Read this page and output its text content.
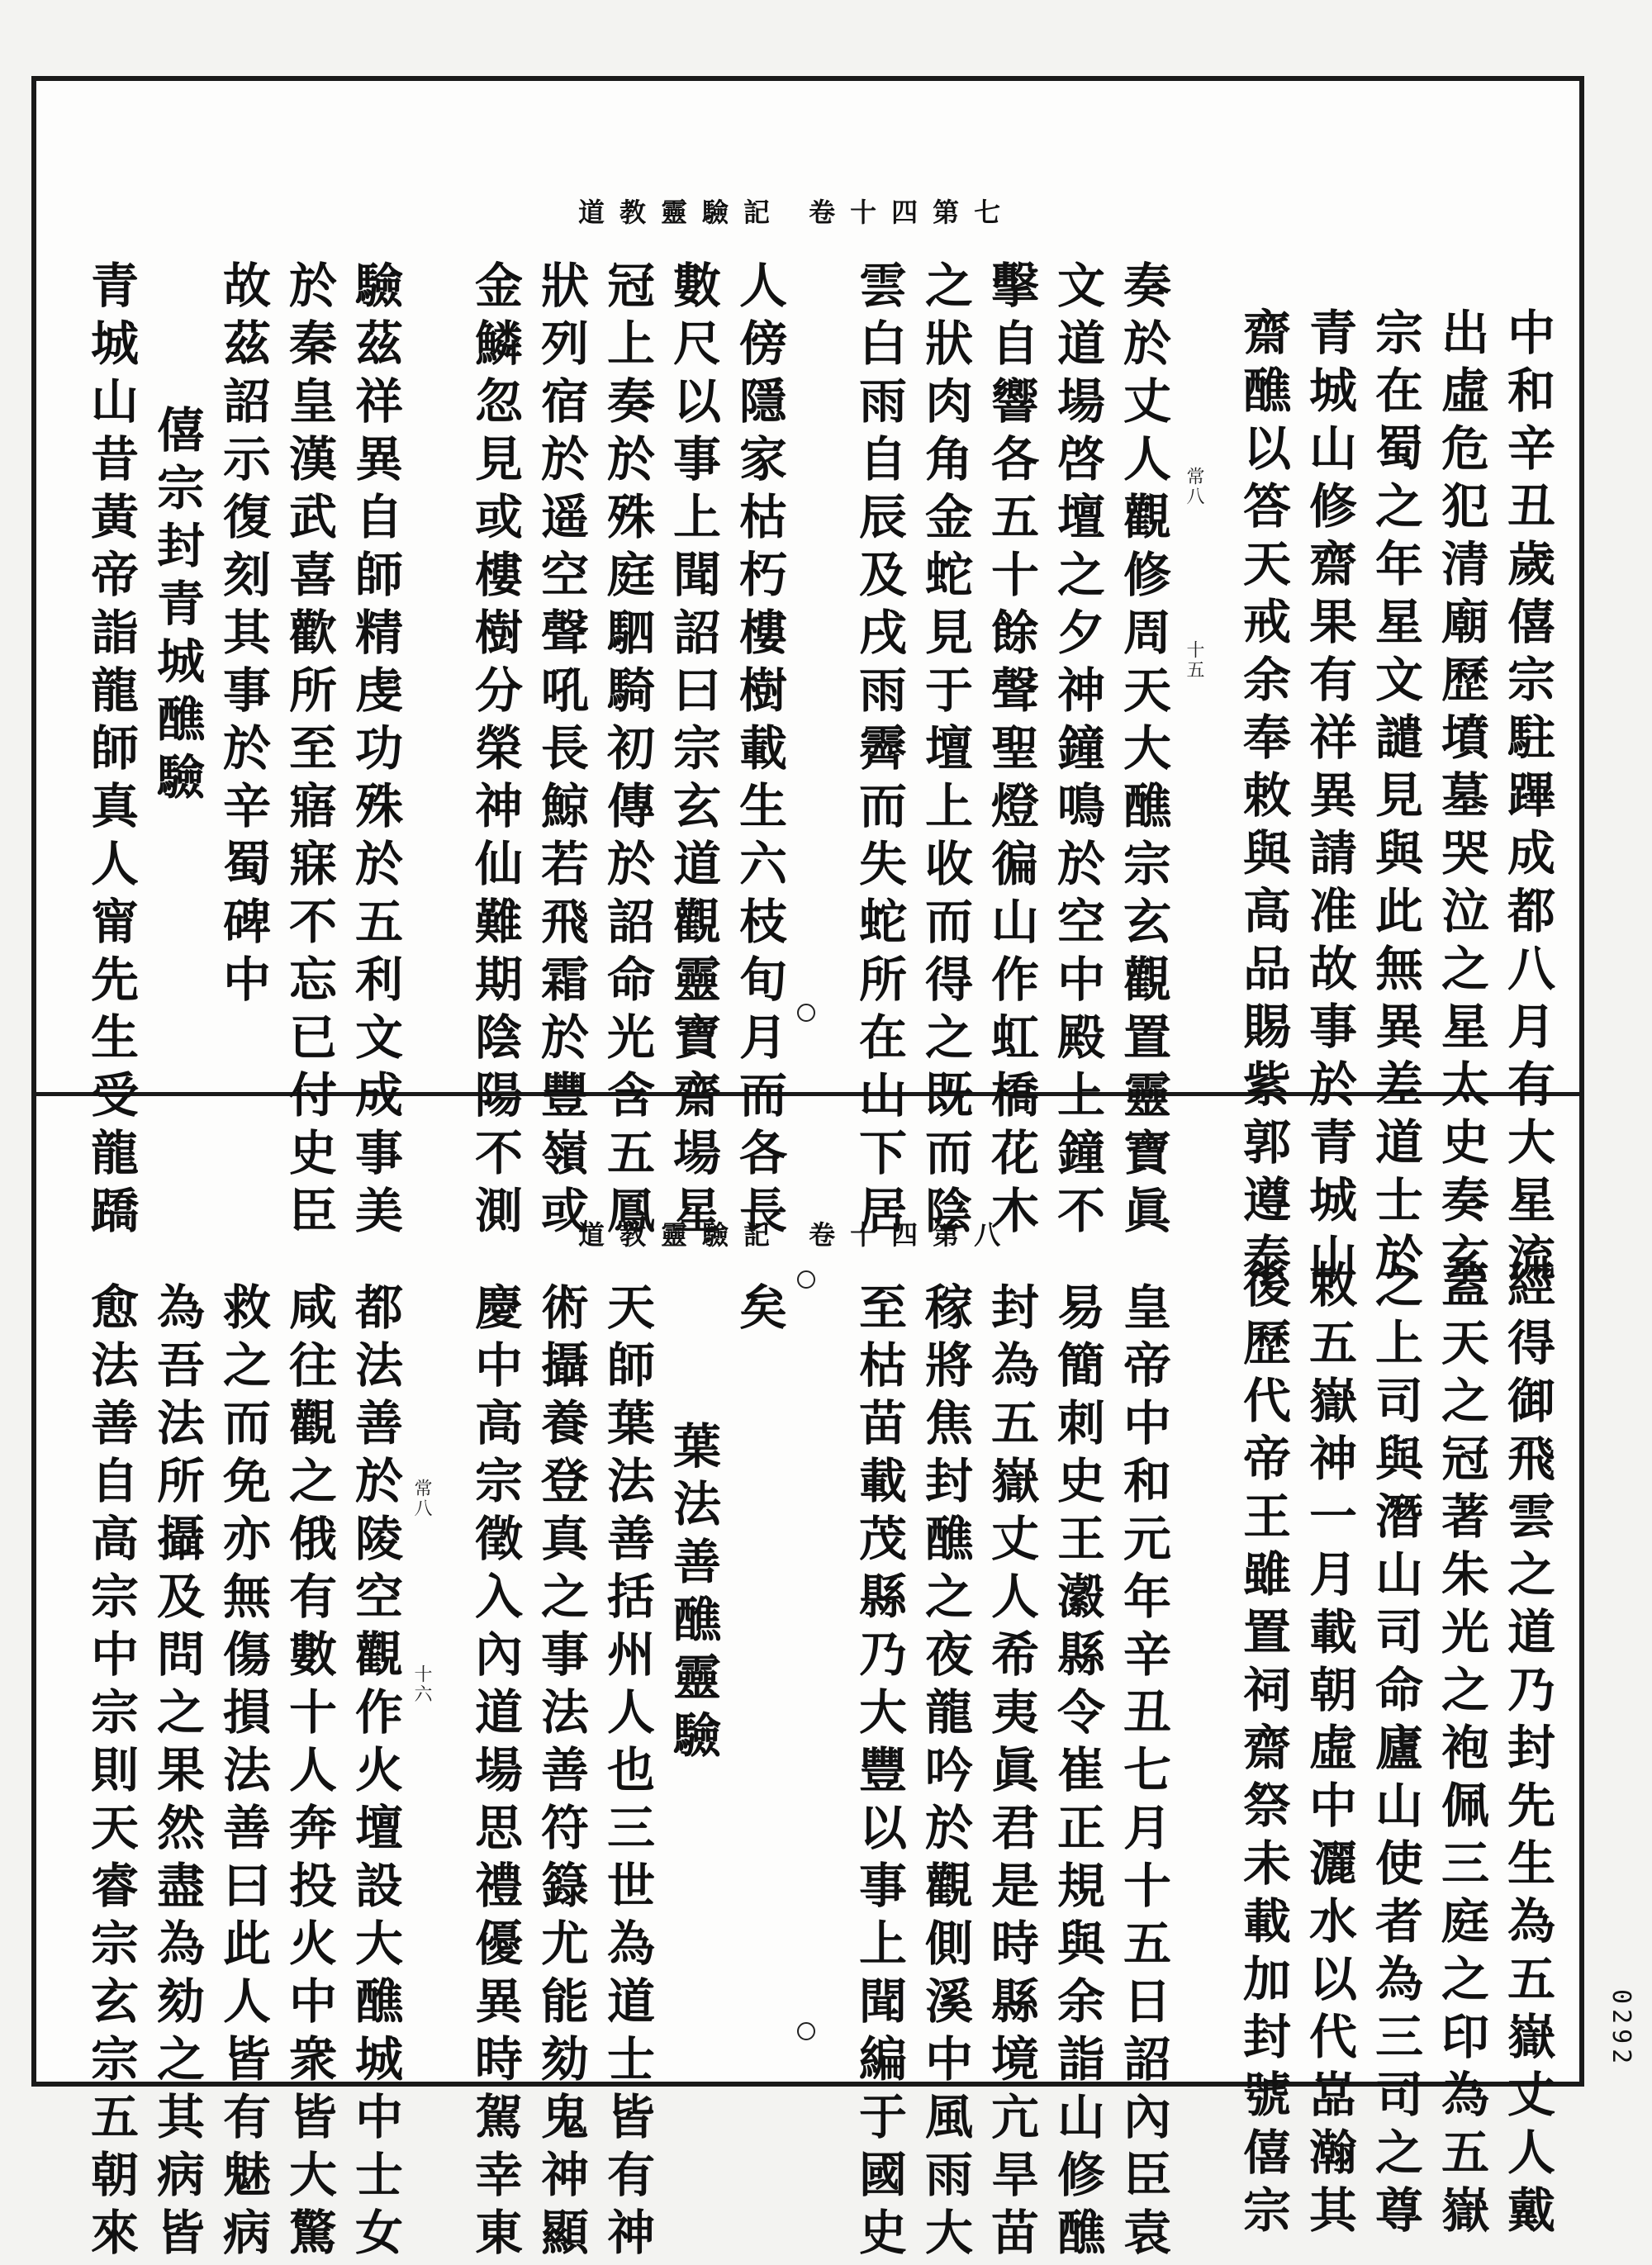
道教靈驗記 卷十四第七
中和辛丑歲僖宗駐蹕成都八月有大星流
出虛危犯清廟歷墳墓哭泣之星太史奏玄
宗在蜀之年星文譴見與此無異差道士於
青城山修齋果有祥異請准故事於青城山
齋醮以答天戒余奉敕與高品賜紫郭遵泰
奏於丈人觀修周天大醮宗玄觀置靈寶眞
文道場啓壇之夕神鐘鳴於空中殿上鐘不
擊自響各五十餘聲聖燈徧山作虹橋花木
之狀肉角金蛇見于壇上收而得之既而陰
雲白雨自辰及戌雨霽而失蛇所在山下居
人傍隱家枯朽樓樹載生六枝旬月而各長
數尺以事上聞詔曰宗玄道觀靈寶齋場星
冠上奏於殊庭駟騎初傳於詔命光含五鳳
狀列宿於遥空聲吼長鯨若飛霜於豐嶺或
金鱗忽見或樓樹分榮神仙難期陰陽不測
驗茲祥異自師精虔功殊於五利文成事美
於秦皇漢武喜歡所至寤寐不忘已付史臣
故茲詔示復刻其事於辛蜀碑中
僖宗封青城醮驗
青城山昔黃帝詣龍師真人甯先生受龍蹻	常八
十五
道教靈驗記 卷十四第八
經得御飛雲之道乃封先生為五嶽丈人戴
蓋天之冠著朱光之袍佩三庭之印為五嶽
之上司與潛山司命廬山使者為三司之尊
敕五嶽神一月載朝虛中灑水以代嵓瀚其
後歷代帝王雖置祠齋祭未載加封號僖宗
皇帝中和元年辛丑七月十五日詔內臣袁
易簡刺史王瀫縣令崔正規與余詣山修醮
封為五嶽丈人希夷眞君是時縣境亢旱苗
稼將焦封醮之夜龍吟於觀側溪中風雨大
至枯苗載茂縣乃大豐以事上聞編于國史
矣
葉法善醮靈驗
天師葉法善括州人也三世為道士皆有神
術攝養登真之事法善符籙尤能劾鬼神顯
慶中高宗徵入內道場思禮優異時駕幸東
都法善於陵空觀作火壇設大醮城中士女
咸往觀之俄有數十人奔投火中衆皆大驚
救之而免亦無傷損法善曰此人皆有魅病
為吾法所攝及問之果然盡為劾之其病皆
愈法善自高宗中宗則天睿宗玄宗五朝來	常八
十六
0292
